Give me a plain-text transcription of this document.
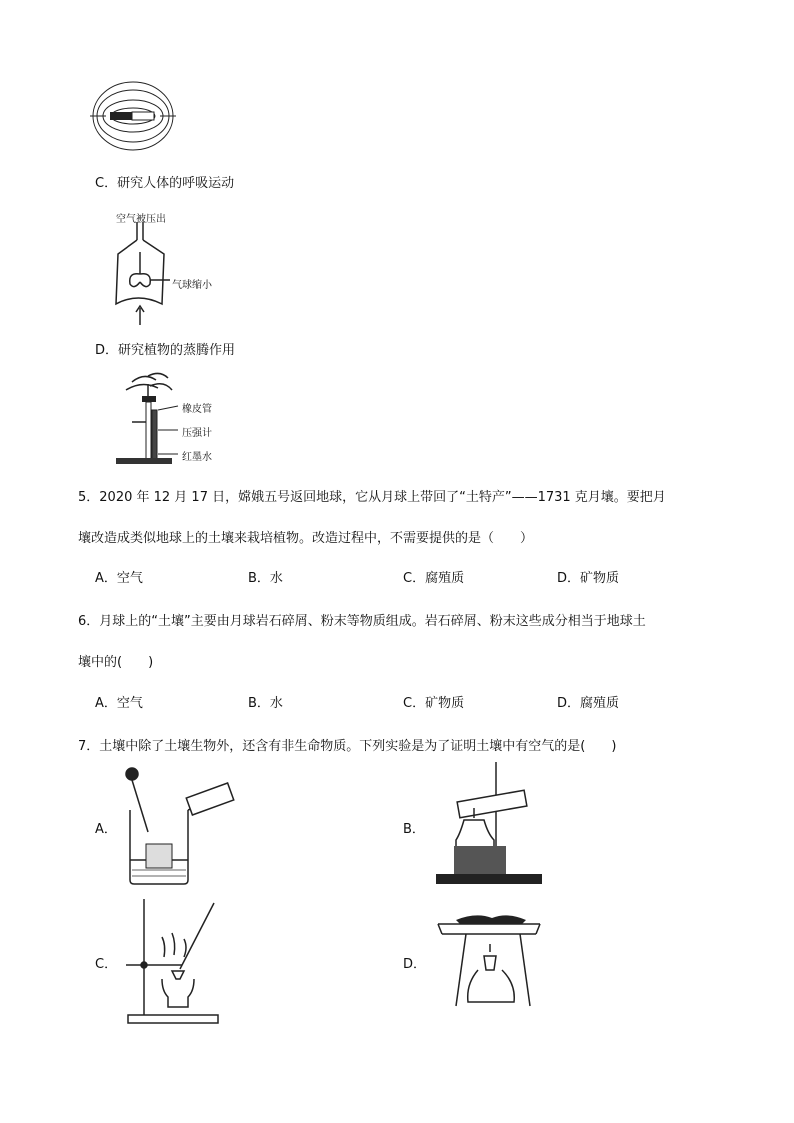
C．研究人体的呼吸运动
空气被压出
气球缩小
D．研究植物的蒸腾作用
橡皮管
压强计
红墨水
5．2020 年 12 月 17 日，嫦娥五号返回地球，它从月球上带回了“土特产”——1731 克月壤。要把月
壤改造成类似地球上的土壤来栽培植物。改造过程中，不需要提供的是（　　）
A．空气	B．水	C．腐殖质	D．矿物质
6．月球上的“土壤”主要由月球岩石碎屑、粉末等物质组成。岩石碎屑、粉末这些成分相当于地球土
壤中的(　　)
A．空气	B．水	C．矿物质	D．腐殖质
7．土壤中除了土壤生物外，还含有非生命物质。下列实验是为了证明土壤中有空气的是(　　)
A．	B．
C．	D．
